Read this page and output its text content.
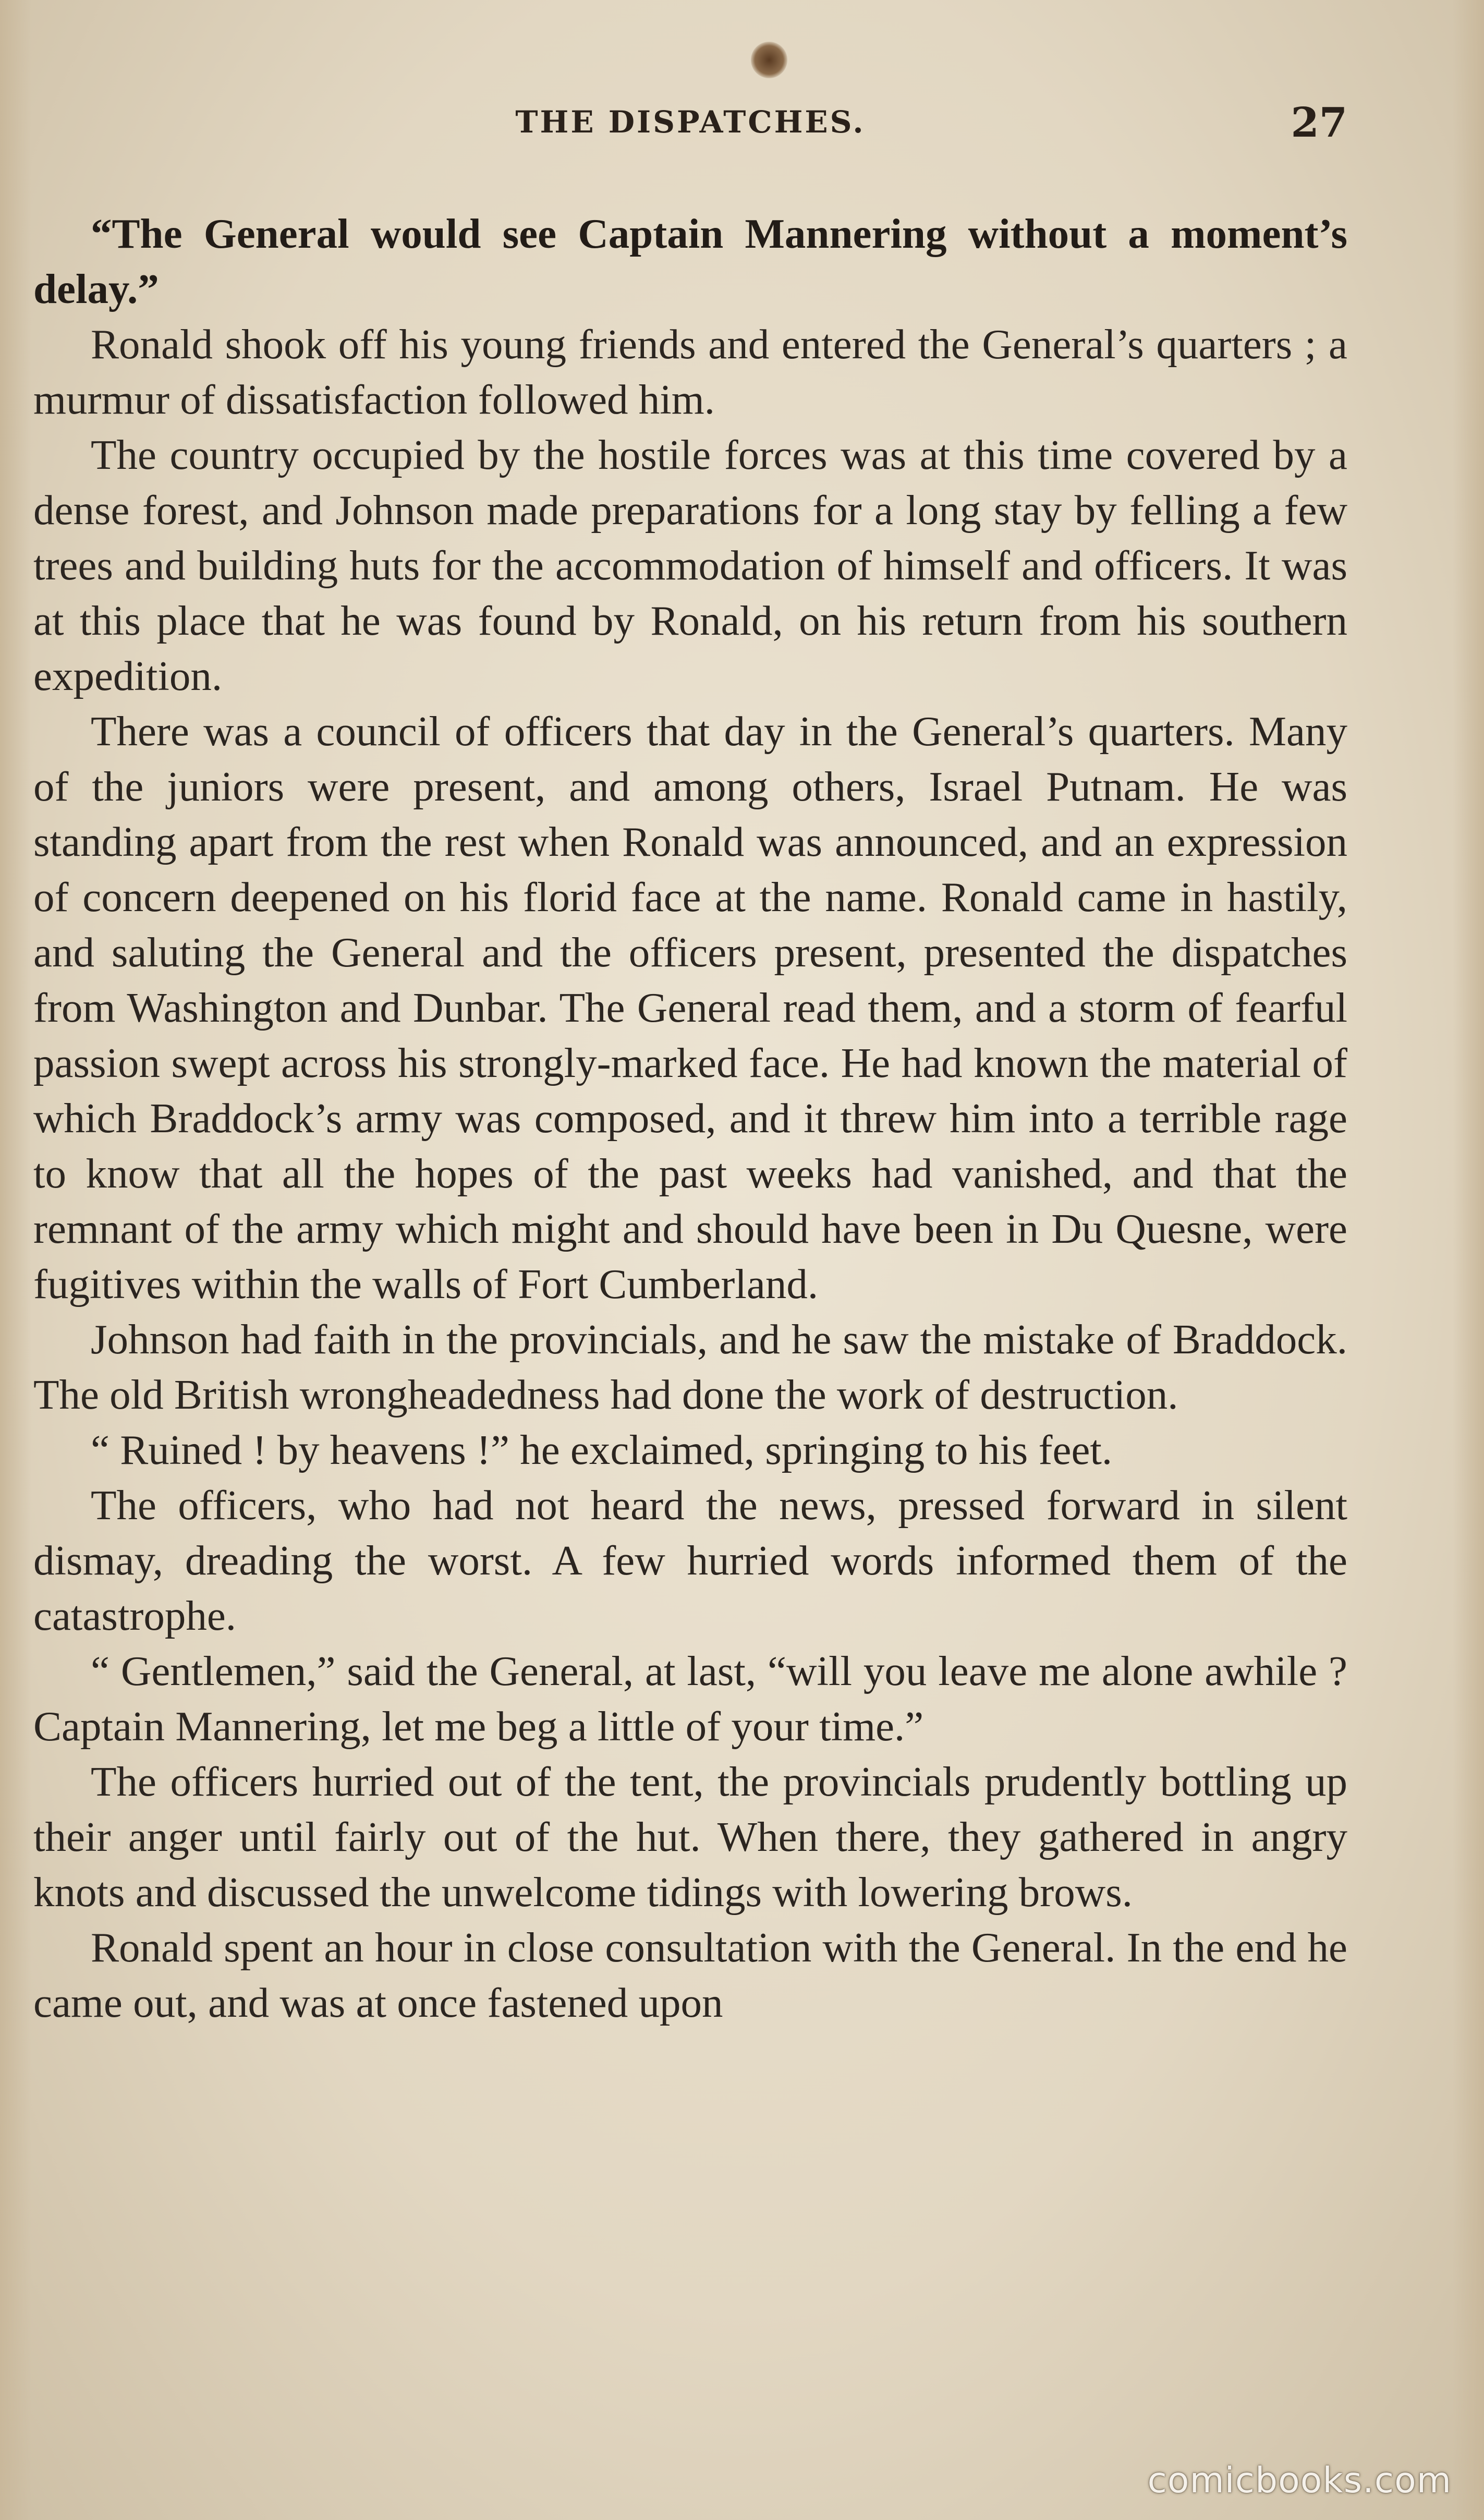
THE DISPATCHES.	27

“The General would see Captain Mannering without a moment’s delay.”

Ronald shook off his young friends and entered the General’s quarters ; a murmur of dissatisfaction followed him.

The country occupied by the hostile forces was at this time covered by a dense forest, and Johnson made preparations for a long stay by felling a few trees and building huts for the accommodation of himself and officers. It was at this place that he was found by Ronald, on his return from his southern expedition.

There was a council of officers that day in the General’s quarters. Many of the juniors were present, and among others, Israel Putnam. He was standing apart from the rest when Ronald was announced, and an expression of concern deepened on his florid face at the name. Ronald came in hastily, and saluting the General and the officers present, presented the dispatches from Washington and Dunbar. The General read them, and a storm of fearful passion swept across his strongly-marked face. He had known the material of which Braddock’s army was composed, and it threw him into a terrible rage to know that all the hopes of the past weeks had vanished, and that the remnant of the army which might and should have been in Du Quesne, were fugitives within the walls of Fort Cumberland.

Johnson had faith in the provincials, and he saw the mistake of Braddock. The old British wrongheadedness had done the work of destruction.

“ Ruined ! by heavens !” he exclaimed, springing to his feet.

The officers, who had not heard the news, pressed forward in silent dismay, dreading the worst. A few hurried words informed them of the catastrophe.

“ Gentlemen,” said the General, at last, “will you leave me alone awhile ? Captain Mannering, let me beg a little of your time.”

The officers hurried out of the tent, the provincials prudently bottling up their anger until fairly out of the hut. When there, they gathered in angry knots and discussed the unwelcome tidings with lowering brows.

Ronald spent an hour in close consultation with the General. In the end he came out, and was at once fastened upon

comicbooks.com
